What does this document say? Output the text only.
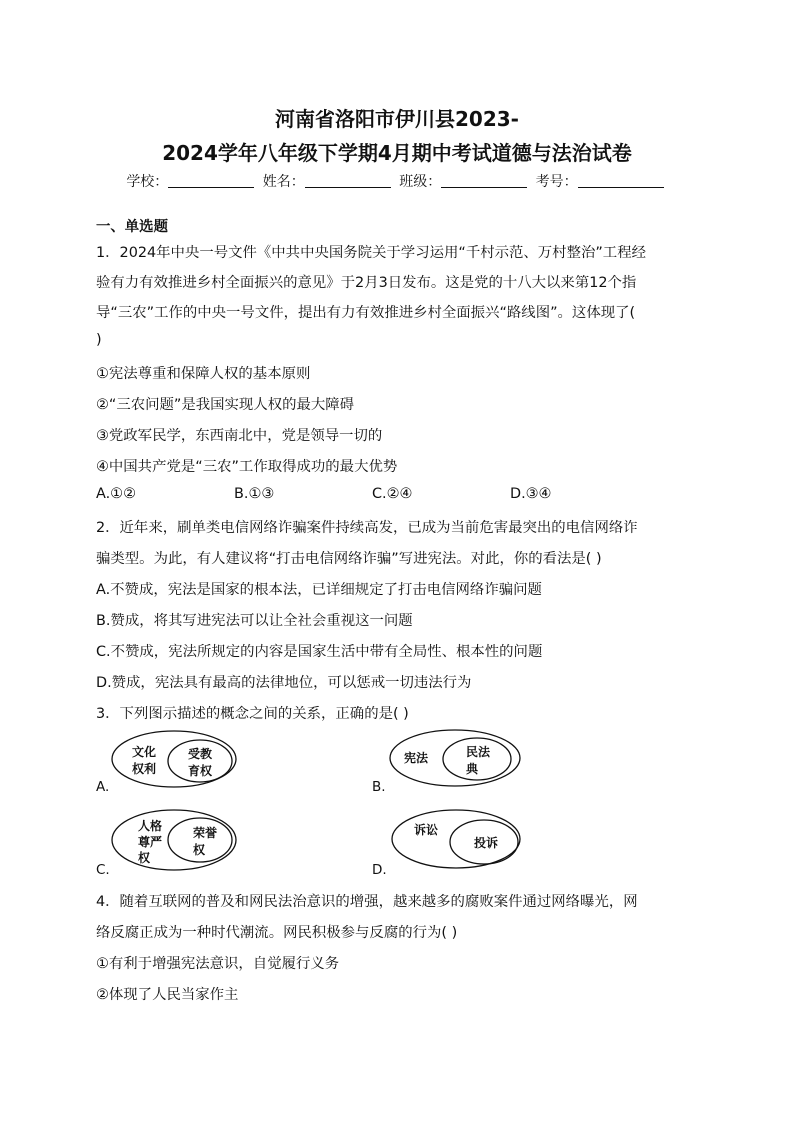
河南省洛阳市伊川县2023-
2024学年八年级下学期4月期中考试道德与法治试卷
学校：	姓名：	班级：	考号：
一、单选题
1．2024年中央一号文件《中共中央国务院关于学习运用“千村示范、万村整治”工程经
验有力有效推进乡村全面振兴的意见》于2月3日发布。这是党的十八大以来第12个指
导“三农”工作的中央一号文件，提出有力有效推进乡村全面振兴“路线图”。这体现了(
)
①宪法尊重和保障人权的基本原则
②“三农问题”是我国实现人权的最大障碍
③党政军民学，东西南北中，党是领导一切的
④中国共产党是“三农”工作取得成功的最大优势
A.①②	B.①③	C.②④	D.③④
2．近年来，刷单类电信网络诈骗案件持续高发，已成为当前危害最突出的电信网络诈
骗类型。为此，有人建议将“打击电信网络诈骗”写进宪法。对此，你的看法是( )
A.不赞成，宪法是国家的根本法，已详细规定了打击电信网络诈骗问题
B.赞成，将其写进宪法可以让全社会重视这一问题
C.不赞成，宪法所规定的内容是国家生活中带有全局性、根本性的问题
D.赞成，宪法具有最高的法律地位，可以惩戒一切违法行为
3．下列图示描述的概念之间的关系，正确的是( )
文化
权利
受教
育权
A.
宪法	民法
典
B.
人格
尊严
权
荣誉
权
C.
诉讼
投诉
D.
4．随着互联网的普及和网民法治意识的增强，越来越多的腐败案件通过网络曝光，网
络反腐正成为一种时代潮流。网民积极参与反腐的行为( )
①有利于增强宪法意识，自觉履行义务
②体现了人民当家作主
